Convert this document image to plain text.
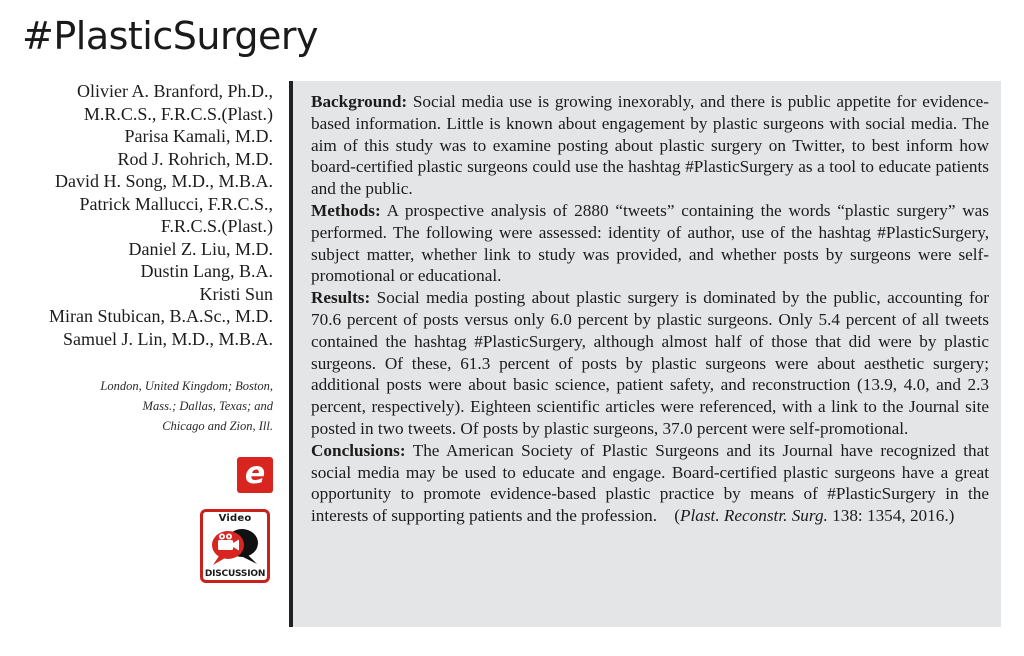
#PlasticSurgery
Olivier A. Branford, Ph.D.,
M.R.C.S., F.R.C.S.(Plast.)
Parisa Kamali, M.D.
Rod J. Rohrich, M.D.
David H. Song, M.D., M.B.A.
Patrick Mallucci, F.R.C.S.,
F.R.C.S.(Plast.)
Daniel Z. Liu, M.D.
Dustin Lang, B.A.
Kristi Sun
Miran Stubican, B.A.Sc., M.D.
Samuel J. Lin, M.D., M.B.A.
London, United Kingdom; Boston,
Mass.; Dallas, Texas; and
Chicago and Zion, Ill.
e
Video
DISCUSSION

Background: Social media use is growing inexorably, and there is public appetite for evidence-based information. Little is known about engagement by plastic surgeons with social media. The aim of this study was to examine posting about plastic surgery on Twitter, to best inform how board-certified plastic surgeons could use the hashtag #PlasticSurgery as a tool to educate patients and the public.

Methods: A prospective analysis of 2880 “tweets” containing the words “plastic surgery” was performed. The following were assessed: identity of author, use of the hashtag #PlasticSurgery, subject matter, whether link to study was provided, and whether posts by surgeons were self-promotional or educational.

Results: Social media posting about plastic surgery is dominated by the public, accounting for 70.6 percent of posts versus only 6.0 percent by plastic surgeons. Only 5.4 percent of all tweets contained the hashtag #PlasticSurgery, although almost half of those that did were by plastic surgeons. Of these, 61.3 percent of posts by plastic surgeons were about aesthetic surgery; additional posts were about basic science, patient safety, and reconstruction (13.9, 4.0, and 2.3 percent, respectively). Eighteen scientific articles were referenced, with a link to the Journal site posted in two tweets. Of posts by plastic surgeons, 37.0 percent were self-promotional.

Conclusions: The American Society of Plastic Surgeons and its Journal have recognized that social media may be used to educate and engage. Board-certified plastic surgeons have a great opportunity to promote evidence-based plastic practice by means of #PlasticSurgery in the interests of supporting patients and the profession.    (Plast. Reconstr. Surg. 138: 1354, 2016.)
